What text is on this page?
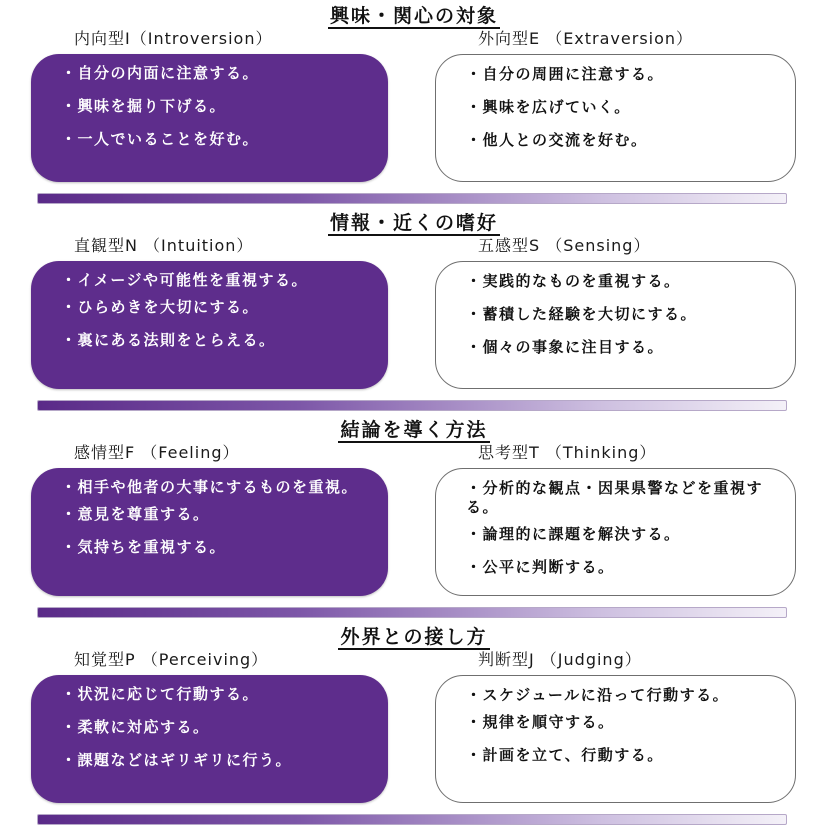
興味・関心の対象
内向型I（Introversion）	外向型E （Extraversion）
・自分の内面に注意する。
・興味を掘り下げる。
・一人でいることを好む。
・自分の周囲に注意する。
・興味を広げていく。
・他人との交流を好む。
情報・近くの嗜好
直観型N （Intuition）	五感型S （Sensing）
・イメージや可能性を重視する。
・ひらめきを大切にする。
・裏にある法則をとらえる。
・実践的なものを重視する。
・蓄積した経験を大切にする。
・個々の事象に注目する。
結論を導く方法
感情型F （Feeling）	思考型T （Thinking）
・相手や他者の大事にするものを重視。
・意見を尊重する。
・気持ちを重視する。
・分析的な観点・因果県警などを重視する。
・論理的に課題を解決する。
・公平に判断する。
外界との接し方
知覚型P （Perceiving）	判断型J （Judging）
・状況に応じて行動する。
・柔軟に対応する。
・課題などはギリギリに行う。
・スケジュールに沿って行動する。
・規律を順守する。
・計画を立て、行動する。
